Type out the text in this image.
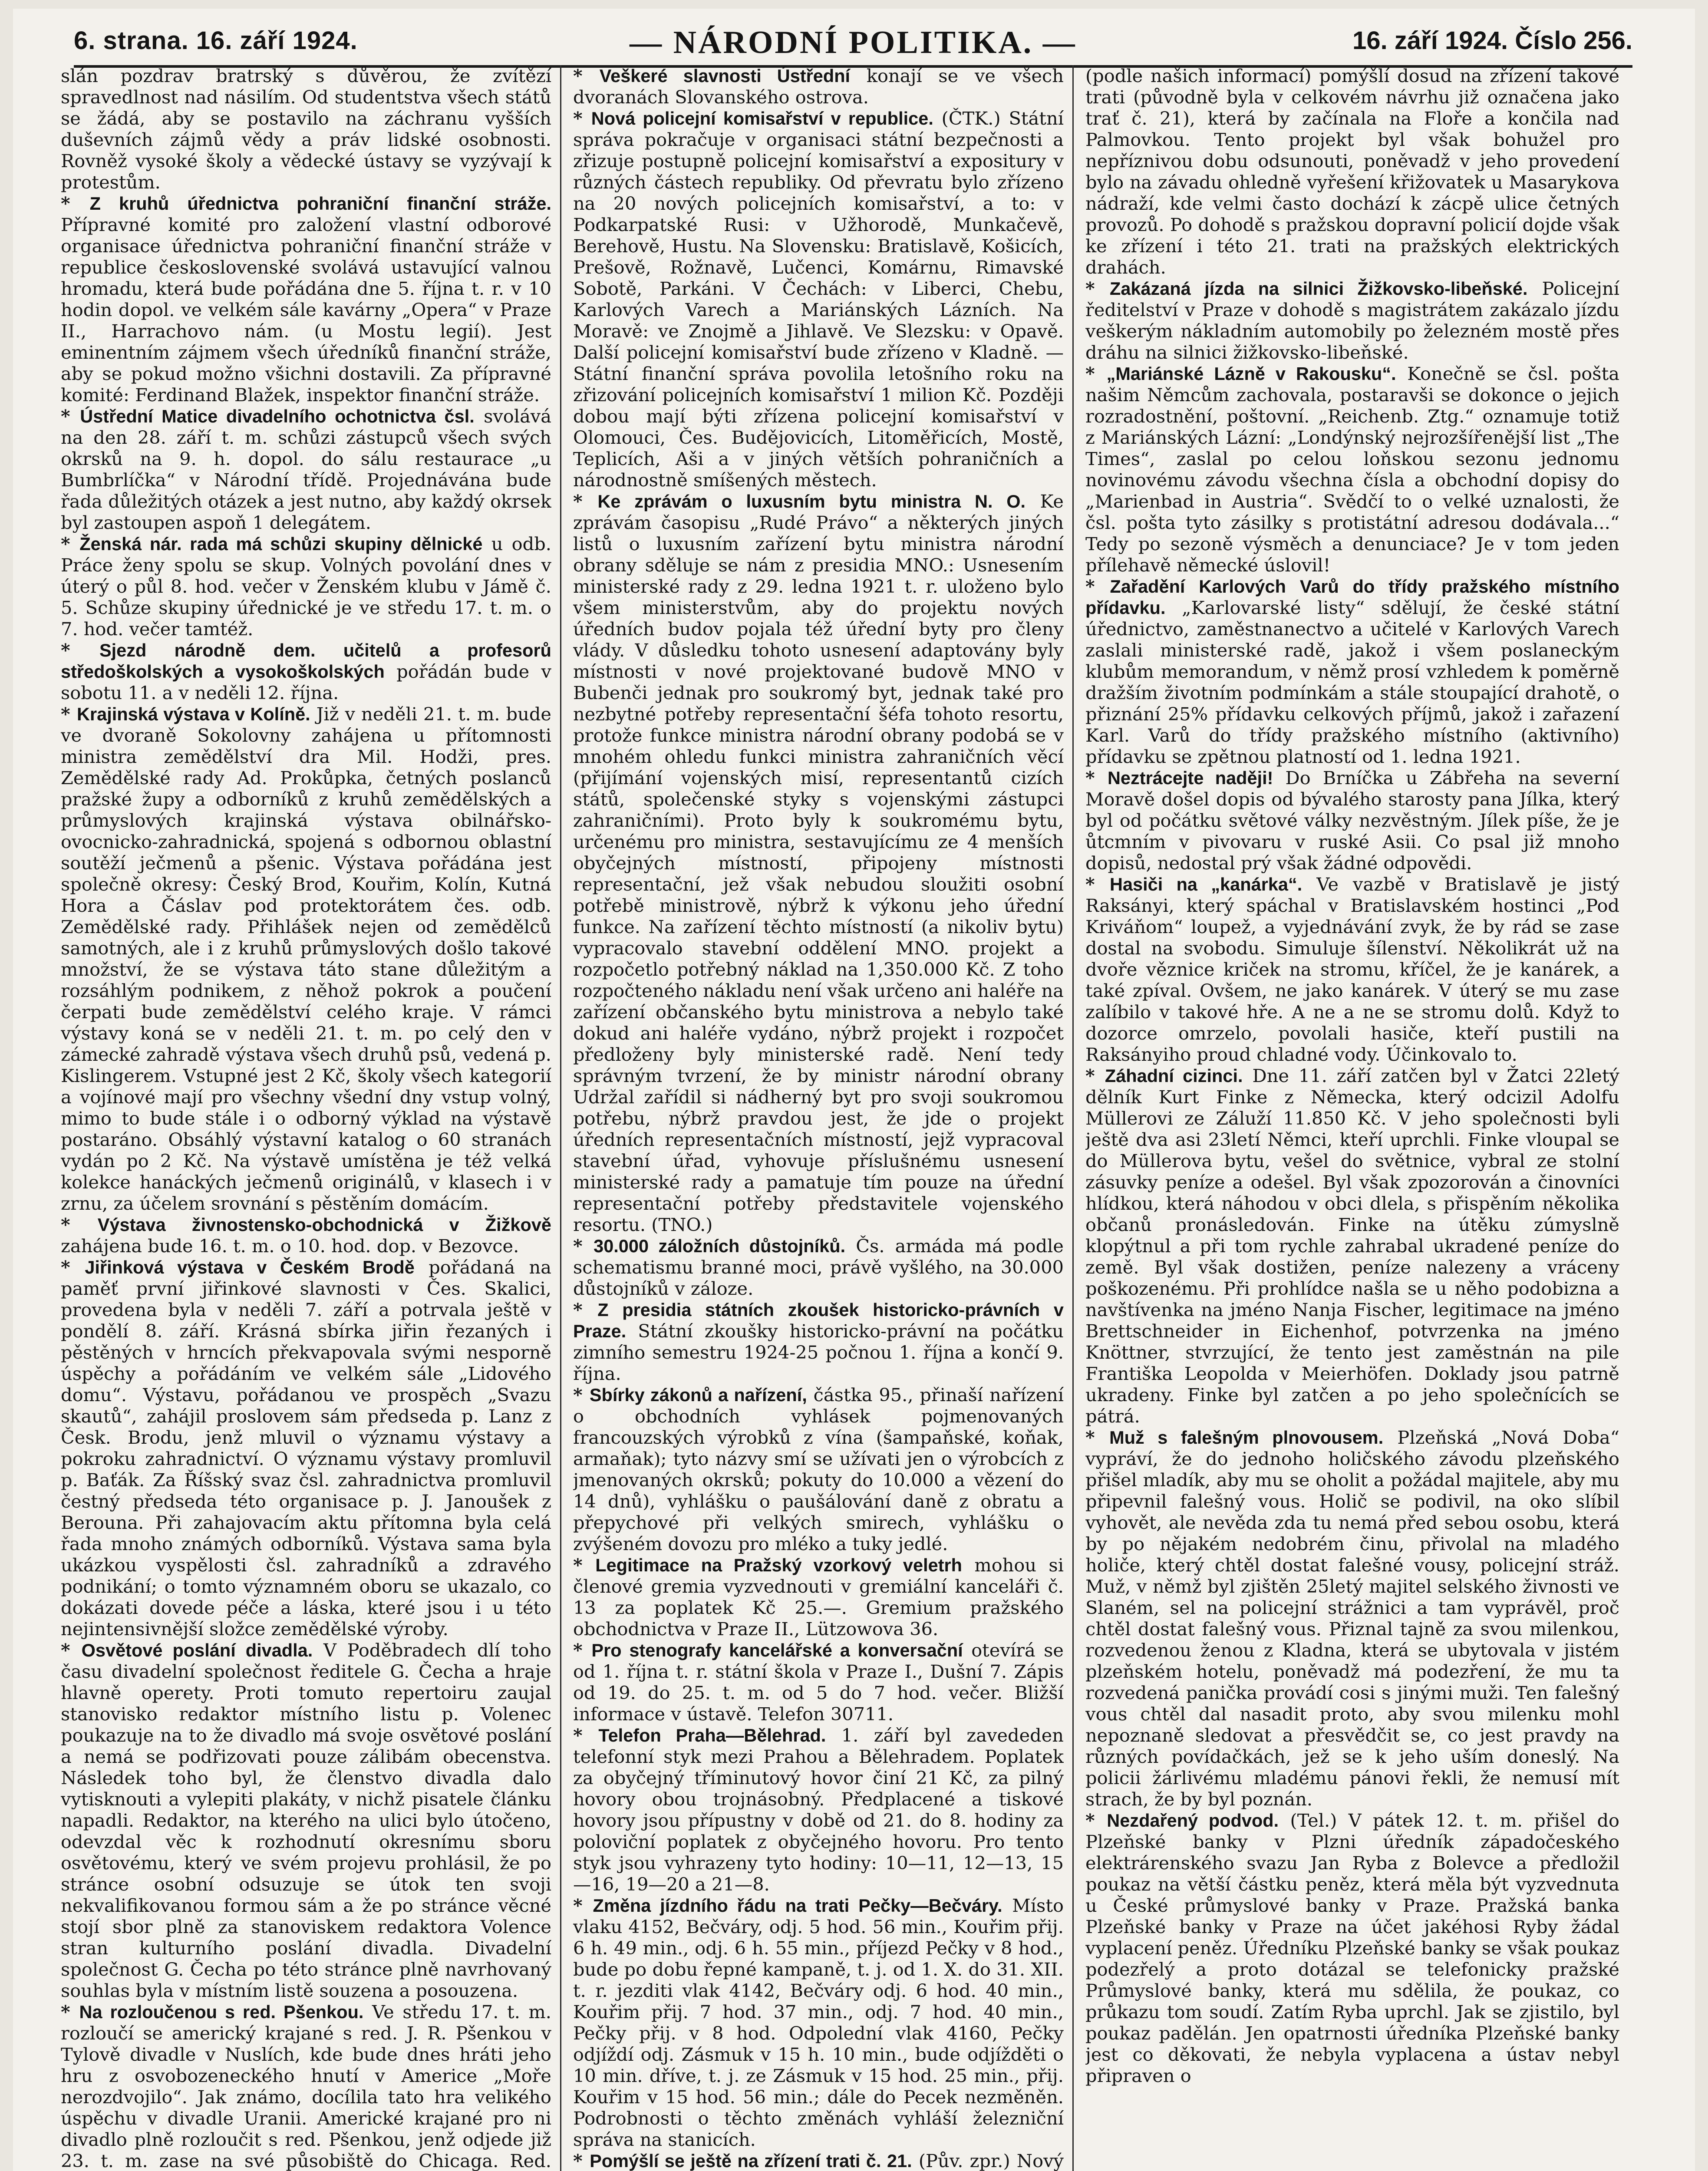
6. strana. 16. září 1924.	— NÁRODNÍ POLITIKA. —	16. září 1924. Číslo 256.

slán pozdrav bratrský s důvěrou, že zvítězí spravedlnost nad násilím. Od studentstva všech států se žádá, aby se postavilo na záchranu vyšších duševních zájmů vědy a práv lidské osobnosti. Rovněž vysoké školy a vědecké ústavy se vyzývají k protestům.

* Z kruhů úřednictva pohraniční finanční stráže. Přípravné komité pro založení vlastní odborové organisace úřednictva pohraniční finanční stráže v republice československé svolává ustavující valnou hromadu, která bude pořádána dne 5. října t. r. v 10 hodin dopol. ve velkém sále kavárny „Opera“ v Praze II., Harrachovo nám. (u Mostu legií). Jest eminentním zájmem všech úředníků finanční stráže, aby se pokud možno všichni dostavili. Za přípravné komité: Ferdinand Blažek, inspektor finanční stráže.

* Ústřední Matice divadelního ochotnictva čsl. svolává na den 28. září t. m. schůzi zástupců všech svých okrsků na 9. h. dopol. do sálu restaurace „u Bumbrlíčka“ v Národní třídě. Projednávána bude řada důležitých otázek a jest nutno, aby každý okrsek byl zastoupen aspoň 1 delegátem.

* Ženská nár. rada má schůzi skupiny dělnické u odb. Práce ženy spolu se skup. Volných povolání dnes v úterý o půl 8. hod. večer v Ženském klubu v Jámě č. 5. Schůze skupiny úřednické je ve středu 17. t. m. o 7. hod. večer tamtéž.

* Sjezd národně dem. učitelů a profesorů středoškolských a vysokoškolských pořádán bude v sobotu 11. a v neděli 12. října.

* Krajinská výstava v Kolíně. Již v neděli 21. t. m. bude ve dvoraně Sokolovny zahájena u přítomnosti ministra zemědělství dra Mil. Hodži, pres. Zemědělské rady Ad. Prokůpka, četných poslanců pražské župy a odborníků z kruhů zemědělských a průmyslových krajinská výstava obilnářsko-ovocnicko-zahradnická, spojená s odbornou oblastní soutěží ječmenů a pšenic. Výstava pořádána jest společně okresy: Český Brod, Kouřim, Kolín, Kutná Hora a Čáslav pod protektorátem čes. odb. Zemědělské rady. Přihlášek nejen od zemědělců samotných, ale i z kruhů průmyslových došlo takové množství, že se výstava táto stane důležitým a rozsáhlým podnikem, z něhož pokrok a poučení čerpati bude zemědělství celého kraje. V rámci výstavy koná se v neděli 21. t. m. po celý den v zámecké zahradě výstava všech druhů psů, vedená p. Kislingerem. Vstupné jest 2 Kč, školy všech kategorií a vojínové mají pro všechny všední dny vstup volný, mimo to bude stále i o odborný výklad na výstavě postaráno. Obsáhlý výstavní katalog o 60 stranách vydán po 2 Kč. Na výstavě umístěna je též velká kolekce hanáckých ječmenů originálů, v klasech i v zrnu, za účelem srovnání s pěstěním domácím.

* Výstava živnostensko-obchodnická v Žižkově zahájena bude 16. t. m. o 10. hod. dop. v Bezovce.

* Jiřinková výstava v Českém Brodě pořádaná na paměť první jiřinkové slavnosti v Čes. Skalici, provedena byla v neděli 7. září a potrvala ještě v pondělí 8. září. Krásná sbírka jiřin řezaných i pěstěných v hrncích překvapovala svými nesporně úspěchy a pořádáním ve velkém sále „Lidového domu“. Výstavu, pořádanou ve prospěch „Svazu skautů“, zahájil proslovem sám předseda p. Lanz z Česk. Brodu, jenž mluvil o významu výstavy a pokroku zahradnictví. O významu výstavy promluvil p. Baťák. Za Říšský svaz čsl. zahradnictva promluvil čestný předseda této organisace p. J. Janoušek z Berouna. Při zahajovacím aktu přítomna byla celá řada mnoho známých odborníků. Výstava sama byla ukázkou vyspělosti čsl. zahradníků a zdravého podnikání; o tomto významném oboru se ukazalo, co dokázati dovede péče a láska, které jsou i u této nejintensivnější složce zemědělské výroby.

* Osvětové poslání divadla. V Poděbradech dlí toho času divadelní společnost ředitele G. Čecha a hraje hlavně operety. Proti tomuto repertoiru zaujal stanovisko redaktor místního listu p. Volenec poukazuje na to že divadlo má svoje osvětové poslání a nemá se podřizovati pouze zálibám obecenstva. Následek toho byl, že členstvo divadla dalo vytisknouti a vylepiti plakáty, v nichž pisatele článku napadli. Redaktor, na kterého na ulici bylo útočeno, odevzdal věc k rozhodnutí okresnímu sboru osvětovému, který ve svém projevu prohlásil, že po stránce osobní odsuzuje se útok ten svoji nekvalifikovanou formou sám a že po stránce věcné stojí sbor plně za stanoviskem redaktora Volence stran kulturního poslání divadla. Divadelní společnost G. Čecha po této stránce plně navrhovaný souhlas byla v místním listě souzena a posouzena.

* Na rozloučenou s red. Pšenkou. Ve středu 17. t. m. rozloučí se americký krajané s red. J. R. Pšenkou v Tylově divadle v Nuslích, kde bude dnes hráti jeho hru z osvobozeneckého hnutí v Americe „Moře nerozdvojilo“. Jak známo, docílila tato hra velikého úspěchu v divadle Uranii. Americké krajané pro ni divadlo plně rozloučit s red. Pšenkou, jenž odjede již 23. t. m. zase na své působiště do Chicaga. Red.

* Veškeré slavnosti Ústřední konají se ve všech dvoranách Slovanského ostrova.

* Nová policejní komisařství v republice. (ČTK.) Státní správa pokračuje v organisaci státní bezpečnosti a zřizuje postupně policejní komisařství a expositury v různých částech republiky. Od převratu bylo zřízeno na 20 nových policejních komisařství, a to: v Podkarpatské Rusi: v Užhorodě, Munkačevě, Berehově, Hustu. Na Slovensku: Bratislavě, Košicích, Prešově, Rožnavě, Lučenci, Komárnu, Rimavské Sobotě, Parkáni. V Čechách: v Liberci, Chebu, Karlových Varech a Mariánských Lázních. Na Moravě: ve Znojmě a Jihlavě. Ve Slezsku: v Opavě. Další policejní komisařství bude zřízeno v Kladně. — Státní finanční správa povolila letošního roku na zřizování policejních komisařství 1 milion Kč. Později dobou mají býti zřízena policejní komisařství v Olomouci, Čes. Budějovicích, Litoměřicích, Mostě, Teplicích, Aši a v jiných větších pohraničních a národnostně smíšených městech.

* Ke zprávám o luxusním bytu ministra N. O. Ke zprávám časopisu „Rudé Právo“ a některých jiných listů o luxusním zařízení bytu ministra národní obrany sděluje se nám z presidia MNO.: Usnesením ministerské rady z 29. ledna 1921 t. r. uloženo bylo všem ministerstvům, aby do projektu nových úředních budov pojala též úřední byty pro členy vlády. V důsledku tohoto usnesení adaptovány byly místnosti v nové projektované budově MNO v Bubenči jednak pro soukromý byt, jednak také pro nezbytné potřeby representační šéfa tohoto resortu, protože funkce ministra národní obrany podobá se v mnohém ohledu funkci ministra zahraničních věcí (přijímání vojenských misí, representantů cizích států, společenské styky s vojenskými zástupci zahraničními). Proto byly k soukromému bytu, určenému pro ministra, sestavujícímu ze 4 menších obyčejných místností, připojeny místnosti representační, jež však nebudou sloužiti osobní potřebě ministrově, nýbrž k výkonu jeho úřední funkce. Na zařízení těchto místností (a nikoliv bytu) vypracovalo stavební oddělení MNO. projekt a rozpočetlo potřebný náklad na 1,350.000 Kč. Z toho rozpočteného nákladu není však určeno ani haléře na zařízení občanského bytu ministrova a nebylo také dokud ani haléře vydáno, nýbrž projekt i rozpočet předloženy byly ministerské radě. Není tedy správným tvrzení, že by ministr národní obrany Udržal zařídil si nádherný byt pro svoji soukromou potřebu, nýbrž pravdou jest, že jde o projekt úředních representačních místností, jejž vypracoval stavební úřad, vyhovuje příslušnému usnesení ministerské rady a pamatuje tím pouze na úřední representační potřeby představitele vojenského resortu. (TNO.)

* 30.000 záložních důstojníků. Čs. armáda má podle schematismu branné moci, právě vyšlého, na 30.000 důstojníků v záloze.

* Z presidia státních zkoušek historicko-právních v Praze. Státní zkoušky historicko-právní na počátku zimního semestru 1924-25 počnou 1. října a končí 9. října.

* Sbírky zákonů a nařízení, částka 95., přinaší nařízení o obchodních vyhlásek pojmenovaných francouzských výrobků z vína (šampaňské, koňak, armaňak); tyto názvy smí se užívati jen o výrobcích z jmenovaných okrsků; pokuty do 10.000 a vězení do 14 dnů), vyhlášku o paušálování daně z obratu a přepychové při velkých smirech, vyhlášku o zvýšeném dovozu pro mléko a tuky jedlé.

* Legitimace na Pražský vzorkový veletrh mohou si členové gremia vyzvednouti v gremiální kanceláři č. 13 za poplatek Kč 25.—. Gremium pražského obchodnictva v Praze II., Lützowova 36.

* Pro stenografy kancelářské a konversační otevírá se od 1. října t. r. státní škola v Praze I., Dušní 7. Zápis od 19. do 25. t. m. od 5 do 7 hod. večer. Bližší informace v ústavě. Telefon 30711.

* Telefon Praha—Bělehrad. 1. září byl zavededen telefonní styk mezi Prahou a Bělehradem. Poplatek za obyčejný tříminutový hovor činí 21 Kč, za pilný hovory obou trojnásobný. Předplacené a tiskové hovory jsou přípustny v době od 21. do 8. hodiny za poloviční poplatek z obyčejného hovoru. Pro tento styk jsou vyhrazeny tyto hodiny: 10—11, 12—13, 15—16, 19—20 a 21—8.

* Změna jízdního řádu na trati Pečky—Bečváry. Místo vlaku 4152, Bečváry, odj. 5 hod. 56 min., Kouřim přij. 6 h. 49 min., odj. 6 h. 55 min., příjezd Pečky v 8 hod., bude po dobu řepné kampaně, t. j. od 1. X. do 31. XII. t. r. jezditi vlak 4142, Bečváry odj. 6 hod. 40 min., Kouřim přij. 7 hod. 37 min., odj. 7 hod. 40 min., Pečky přij. v 8 hod. Odpolední vlak 4160, Pečky odjíždí odj. Zásmuk v 15 h. 10 min., bude odjížděti o 10 min. dříve, t. j. ze Zásmuk v 15 hod. 25 min., přij. Kouřim v 15 hod. 56 min.; dále do Pecek nezměněn. Podrobnosti o těchto změnách vyhláší železniční správa na stanicích.

* Pomýšlí se ještě na zřízení trati č. 21. (Pův. zpr.) Nový

(podle našich informací) pomýšlí dosud na zřízení takové trati (původně byla v celkovém návrhu již označena jako trať č. 21), která by začínala na Floře a končila nad Palmovkou. Tento projekt byl však bohužel pro nepříznivou dobu odsunouti, poněvadž v jeho provedení bylo na závadu ohledně vyřešení křižovatek u Masarykova nádraží, kde velmi často dochází k zácpě ulice četných provozů. Po dohodě s pražskou dopravní policií dojde však ke zřízení i této 21. trati na pražských elektrických drahách.

* Zakázaná jízda na silnici Žižkovsko-libeňské. Policejní ředitelství v Praze v dohodě s magistrátem zakázalo jízdu veškerým nákladním automobily po železném mostě přes dráhu na silnici žižkovsko-libeňské.

* „Mariánské Lázně v Rakousku“. Konečně se čsl. pošta našim Němcům zachovala, postaravši se dokonce o jejich rozradostnění, poštovní. „Reichenb. Ztg.“ oznamuje totiž z Mariánských Lázní: „Londýnský nejrozšířenější list „The Times“, zaslal po celou loňskou sezonu jednomu novinovému závodu všechna čísla a obchodní dopisy do „Marienbad in Austria“. Svědčí to o velké uznalosti, že čsl. pošta tyto zásilky s protistátní adresou dodávala...“ Tedy po sezoně výsměch a denunciace? Je v tom jeden přílehavě německé úslovil!

* Zařadění Karlových Varů do třídy pražského místního přídavku. „Karlovarské listy“ sdělují, že české státní úřednictvo, zaměstnanectvo a učitelé v Karlových Varech zaslali ministerské radě, jakož i všem poslaneckým klubům memorandum, v němž prosí vzhledem k poměrně dražším životním podmínkám a stále stoupající drahotě, o přiznání 25% přídavku celkových příjmů, jakož i zařazení Karl. Varů do třídy pražského místního (aktivního) přídavku se zpětnou platností od 1. ledna 1921.

* Neztrácejte naději! Do Brníčka u Zábřeha na severní Moravě došel dopis od bývalého starosty pana Jílka, který byl od počátku světové války nezvěstným. Jílek píše, že je ůtcmním v pivovaru v ruské Asii. Co psal již mnoho dopisů, nedostal prý však žádné odpovědi.

* Hasiči na „kanárka“. Ve vazbě v Bratislavě je jistý Raksányi, který spáchal v Bratislavském hostinci „Pod Kriváňom“ loupež, a vyjednávání zvyk, že by rád se zase dostal na svobodu. Simuluje šílenství. Několikrát už na dvoře věznice kriček na stromu, kříčel, že je kanárek, a také zpíval. Ovšem, ne jako kanárek. V úterý se mu zase zalíbilo v takové hře. A ne a ne se stromu dolů. Když to dozorce omrzelo, povolali hasiče, kteří pustili na Raksányiho proud chladné vody. Účinkovalo to.

* Záhadní cizinci. Dne 11. září zatčen byl v Žatci 22letý dělník Kurt Finke z Německa, který odcizil Adolfu Müllerovi ze Záluží 11.850 Kč. V jeho společnosti byli ještě dva asi 23letí Němci, kteří uprchli. Finke vloupal se do Müllerova bytu, vešel do světnice, vybral ze stolní zásuvky peníze a odešel. Byl však zpozorován a činovníci hlídkou, která náhodou v obci dlela, s přispěním několika občanů pronásledován. Finke na útěku zúmyslně klopýtnul a při tom rychle zahrabal ukradené peníze do země. Byl však dostižen, peníze nalezeny a vráceny poškozenému. Při prohlídce našla se u něho podobizna a navštívenka na jméno Nanja Fischer, legitimace na jméno Brettschneider in Eichenhof, potvrzenka na jméno Knöttner, stvrzující, že tento jest zaměstnán na pile Františka Leopolda v Meierhöfen. Doklady jsou patrně ukradeny. Finke byl zatčen a po jeho společnících se pátrá.

* Muž s falešným plnovousem. Plzeňská „Nová Doba“ vypráví, že do jednoho holičského závodu plzeňského přišel mladík, aby mu se oholit a požádal majitele, aby mu připevnil falešný vous. Holič se podivil, na oko slíbil vyhovět, ale nevěda zda tu nemá před sebou osobu, která by po nějakém nedobrém činu, přivolal na mladého holiče, který chtěl dostat falešné vousy, policejní stráž. Muž, v němž byl zjištěn 25letý majitel selského živnosti ve Slaném, sel na policejní strážnici a tam vyprávěl, proč chtěl dostat falešný vous. Přiznal tajně za svou milenkou, rozvedenou ženou z Kladna, která se ubytovala v jistém plzeňském hotelu, poněvadž má podezření, že mu ta rozvedená panička provádí cosi s jinými muži. Ten falešný vous chtěl dal nasadit proto, aby svou milenku mohl nepoznaně sledovat a přesvědčit se, co jest pravdy na různých povídačkách, jež se k jeho uším doneslý. Na policii žárlivému mladému pánovi řekli, že nemusí mít strach, že by byl poznán.

* Nezdařený podvod. (Tel.) V pátek 12. t. m. přišel do Plzeňské banky v Plzni úředník západočeského elektrárenského svazu Jan Ryba z Bolevce a předložil poukaz na větší částku peněz, která měla být vyzvednuta u České průmyslové banky v Praze. Pražská banka Plzeňské banky v Praze na účet jakéhosi Ryby žádal vyplacení peněz. Úředníku Plzeňské banky se však poukaz podezřelý a proto dotázal se telefonicky pražské Průmyslové banky, která mu sdělila, že poukaz, co průkazu tom soudí. Zatím Ryba uprchl. Jak se zjistilo, byl poukaz padělán. Jen opatrnosti úředníka Plzeňské banky jest co děkovati, že nebyla vyplacena a ústav nebyl připraven o
